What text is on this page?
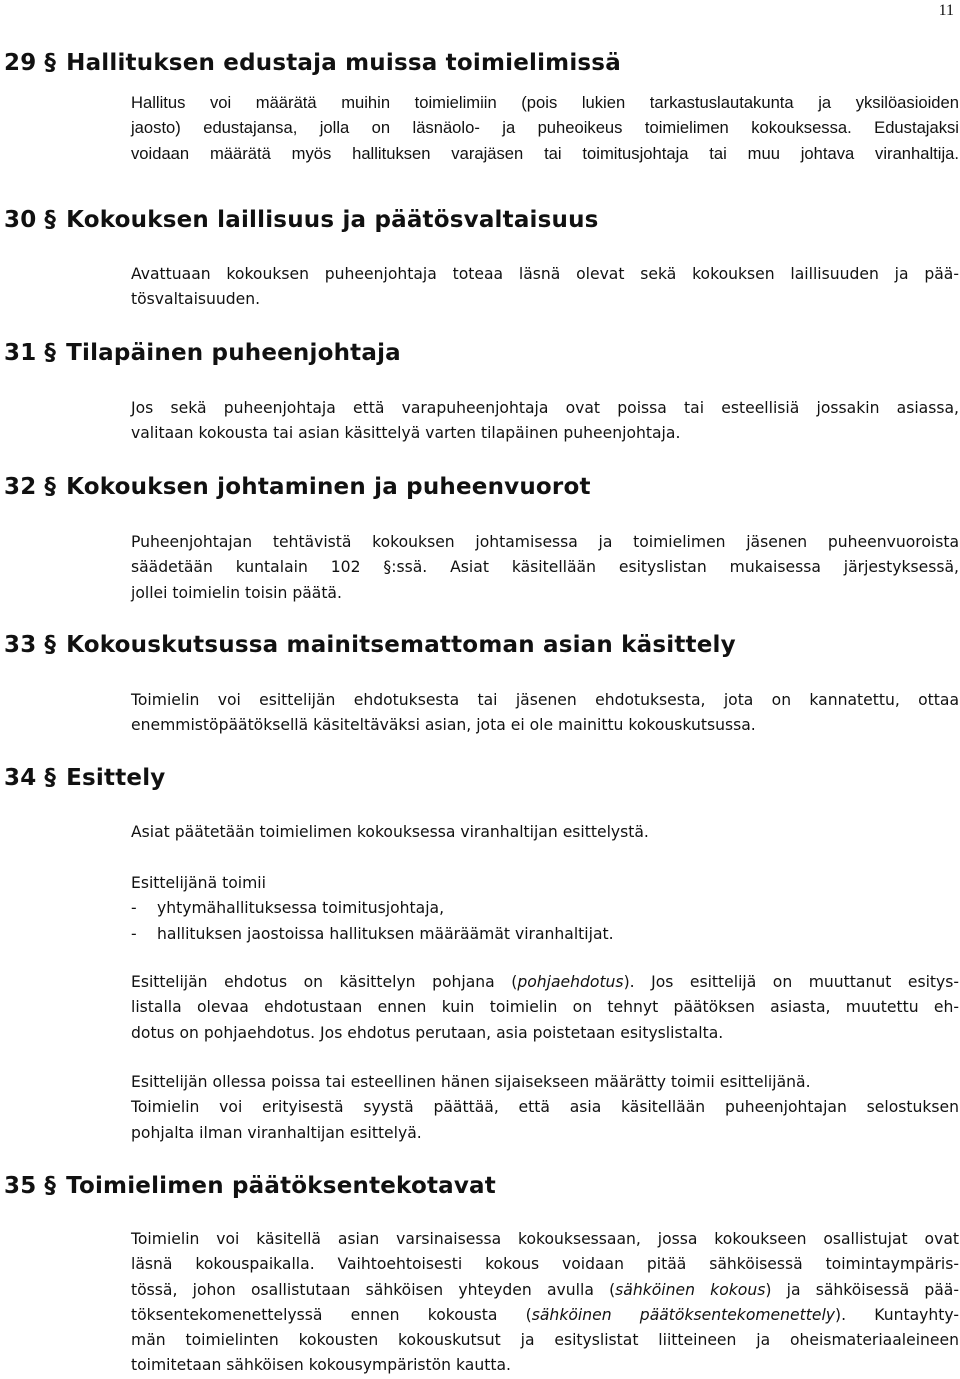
11
29 § Hallituksen edustaja muissa toimielimissä

Hallitus voi määrätä muihin toimielimiin (pois lukien tarkastuslautakunta ja yksilöasioiden
jaosto) edustajansa, jolla on läsnäolo- ja puheoikeus toimielimen kokouksessa. Edustajaksi
voidaan määrätä myös hallituksen varajäsen tai toimitusjohtaja tai muu johtava viranhaltija.

30 § Kokouksen laillisuus ja päätösvaltaisuus

Avattuaan kokouksen puheenjohtaja toteaa läsnä olevat sekä kokouksen laillisuuden ja pää-
tösvaltaisuuden.

31 § Tilapäinen puheenjohtaja

Jos sekä puheenjohtaja että varapuheenjohtaja ovat poissa tai esteellisiä jossakin asiassa,
valitaan kokousta tai asian käsittelyä varten tilapäinen puheenjohtaja.

32 § Kokouksen johtaminen ja puheenvuorot

Puheenjohtajan tehtävistä kokouksen johtamisessa ja toimielimen jäsenen puheenvuoroista
säädetään kuntalain 102 §:ssä. Asiat käsitellään esityslistan mukaisessa järjestyksessä,
jollei toimielin toisin päätä.

33 § Kokouskutsussa mainitsemattoman asian käsittely

Toimielin voi esittelijän ehdotuksesta tai jäsenen ehdotuksesta, jota on kannatettu, ottaa
enemmistöpäätöksellä käsiteltäväksi asian, jota ei ole mainittu kokouskutsussa.

34 § Esittely

Asiat päätetään toimielimen kokouksessa viranhaltijan esittelystä.

Esittelijänä toimii
- yhtymähallituksessa toimitusjohtaja,
- hallituksen jaostoissa hallituksen määräämät viranhaltijat.

Esittelijän ehdotus on käsittelyn pohjana (pohjaehdotus). Jos esittelijä on muuttanut esitys-
listalla olevaa ehdotustaan ennen kuin toimielin on tehnyt päätöksen asiasta, muutettu eh-
dotus on pohjaehdotus. Jos ehdotus perutaan, asia poistetaan esityslistalta.

Esittelijän ollessa poissa tai esteellinen hänen sijaisekseen määrätty toimii esittelijänä.
Toimielin voi erityisestä syystä päättää, että asia käsitellään puheenjohtajan selostuksen
pohjalta ilman viranhaltijan esittelyä.

35 § Toimielimen päätöksentekotavat

Toimielin voi käsitellä asian varsinaisessa kokouksessaan, jossa kokoukseen osallistujat ovat
läsnä kokouspaikalla. Vaihtoehtoisesti kokous voidaan pitää sähköisessä toimintaympäris-
tössä, johon osallistutaan sähköisen yhteyden avulla (sähköinen kokous) ja sähköisessä pää-
töksentekomenettelyssä ennen kokousta (sähköinen päätöksentekomenettely). Kuntayhty-
män toimielinten kokousten kokouskutsut ja esityslistat liitteineen ja oheismateriaaleineen
toimitetaan sähköisen kokousympäristön kautta.
